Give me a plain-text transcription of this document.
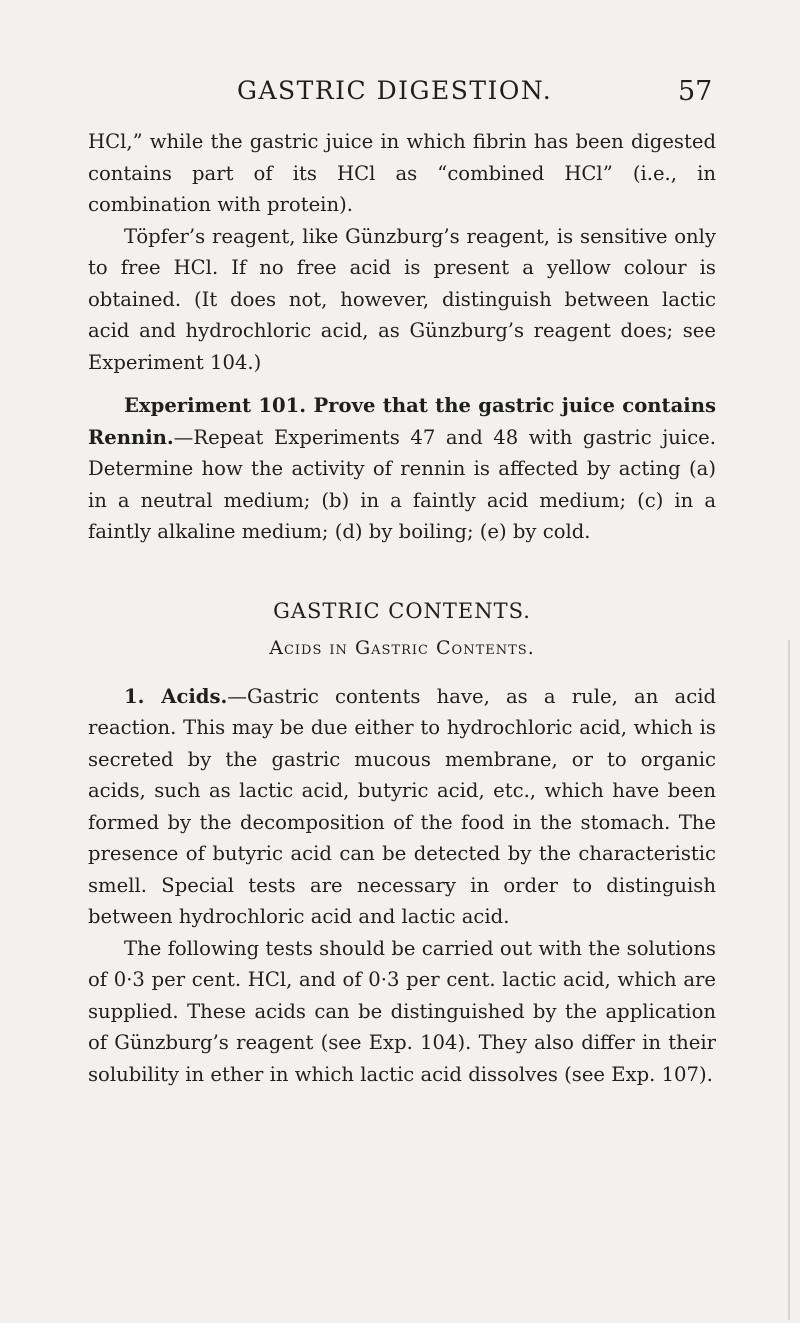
GASTRIC DIGESTION.	57

HCl,” while the gastric juice in which fibrin has been digested contains part of its HCl as “combined HCl” (i.e., in combination with protein).

Töpfer’s reagent, like Günzburg’s reagent, is sensitive only to free HCl. If no free acid is present a yellow colour is obtained. (It does not, however, distinguish between lactic acid and hydrochloric acid, as Günzburg’s reagent does; see Experiment 104.)

Experiment 101. Prove that the gastric juice contains Rennin.—Repeat Experiments 47 and 48 with gastric juice. Determine how the activity of rennin is affected by acting (a) in a neutral medium; (b) in a faintly acid medium; (c) in a faintly alkaline medium; (d) by boiling; (e) by cold.

GASTRIC CONTENTS.

Acids in Gastric Contents.

1. Acids.—Gastric contents have, as a rule, an acid reaction. This may be due either to hydrochloric acid, which is secreted by the gastric mucous membrane, or to organic acids, such as lactic acid, butyric acid, etc., which have been formed by the decomposition of the food in the stomach. The presence of butyric acid can be detected by the characteristic smell. Special tests are necessary in order to distinguish between hydrochloric acid and lactic acid.

The following tests should be carried out with the solutions of 0·3 per cent. HCl, and of 0·3 per cent. lactic acid, which are supplied. These acids can be distinguished by the application of Günzburg’s reagent (see Exp. 104). They also differ in their solubility in ether in which lactic acid dissolves (see Exp. 107).
